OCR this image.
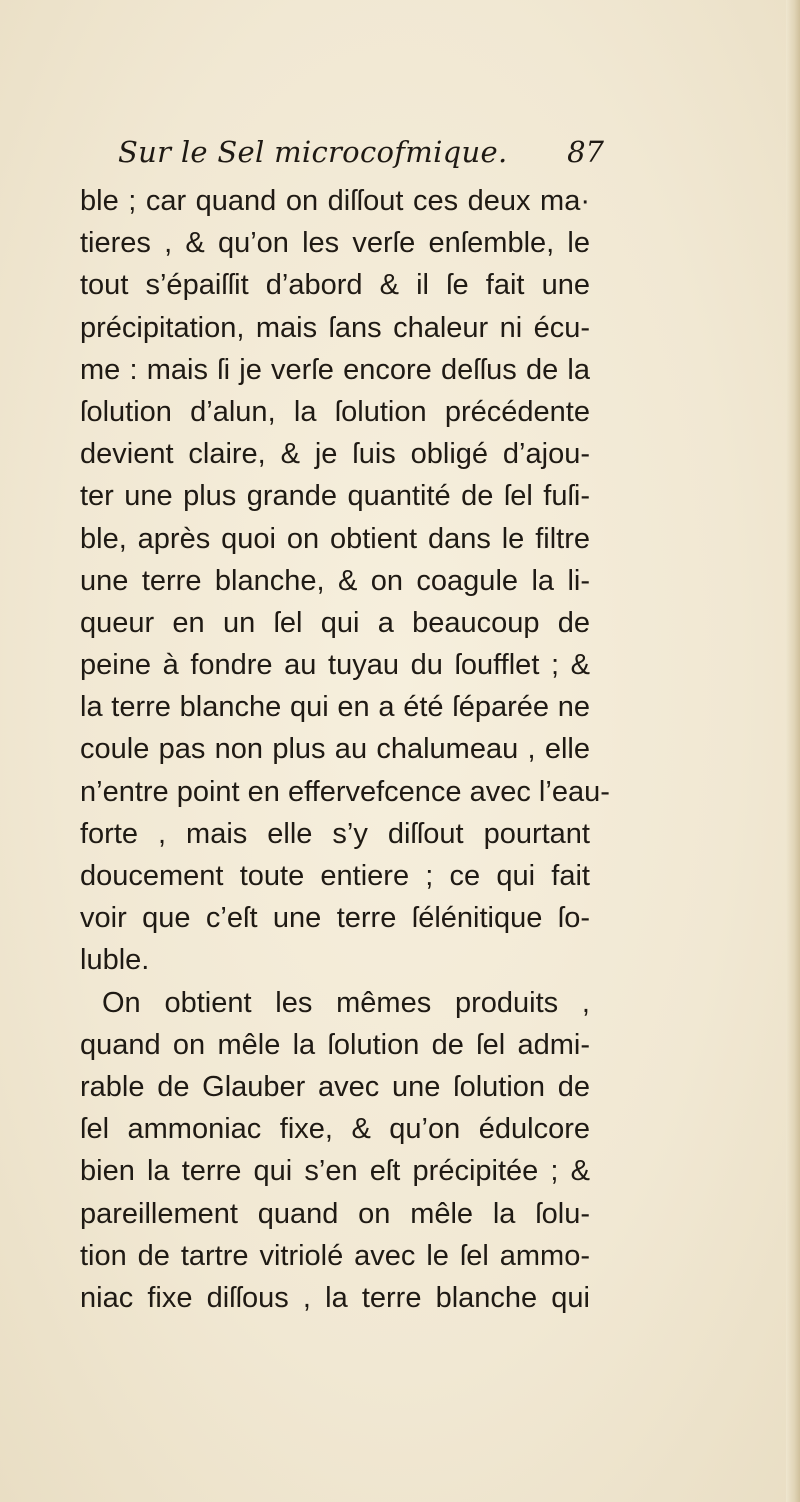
Sur le Sel microcofmique. 87
ble ; car quand on diſſout ces deux ma·
tieres , & qu’on les verſe enſemble, le
tout s’épaiſſit d’abord & il ſe fait une
précipitation, mais ſans chaleur ni écu-
me : mais ſi je verſe encore deſſus de la
ſolution d’alun, la ſolution précédente
devient claire, & je ſuis obligé d’ajou-
ter une plus grande quantité de ſel fuſi-
ble, après quoi on obtient dans le filtre
une terre blanche, & on coagule la li-
queur en un ſel qui a beaucoup de
peine à fondre au tuyau du ſoufflet ; &
la terre blanche qui en a été ſéparée ne
coule pas non plus au chalumeau , elle
n’entre point en effervefcence avec l’eau-
forte , mais elle s’y diſſout pourtant
doucement toute entiere ; ce qui fait
voir que c’eſt une terre ſélénitique ſo-
luble.
On obtient les mêmes produits ,
quand on mêle la ſolution de ſel admi-
rable de Glauber avec une ſolution de
ſel ammoniac fixe, & qu’on édulcore
bien la terre qui s’en eſt précipitée ; &
pareillement quand on mêle la ſolu-
tion de tartre vitriolé avec le ſel ammo-
niac fixe diſſous , la terre blanche qui
